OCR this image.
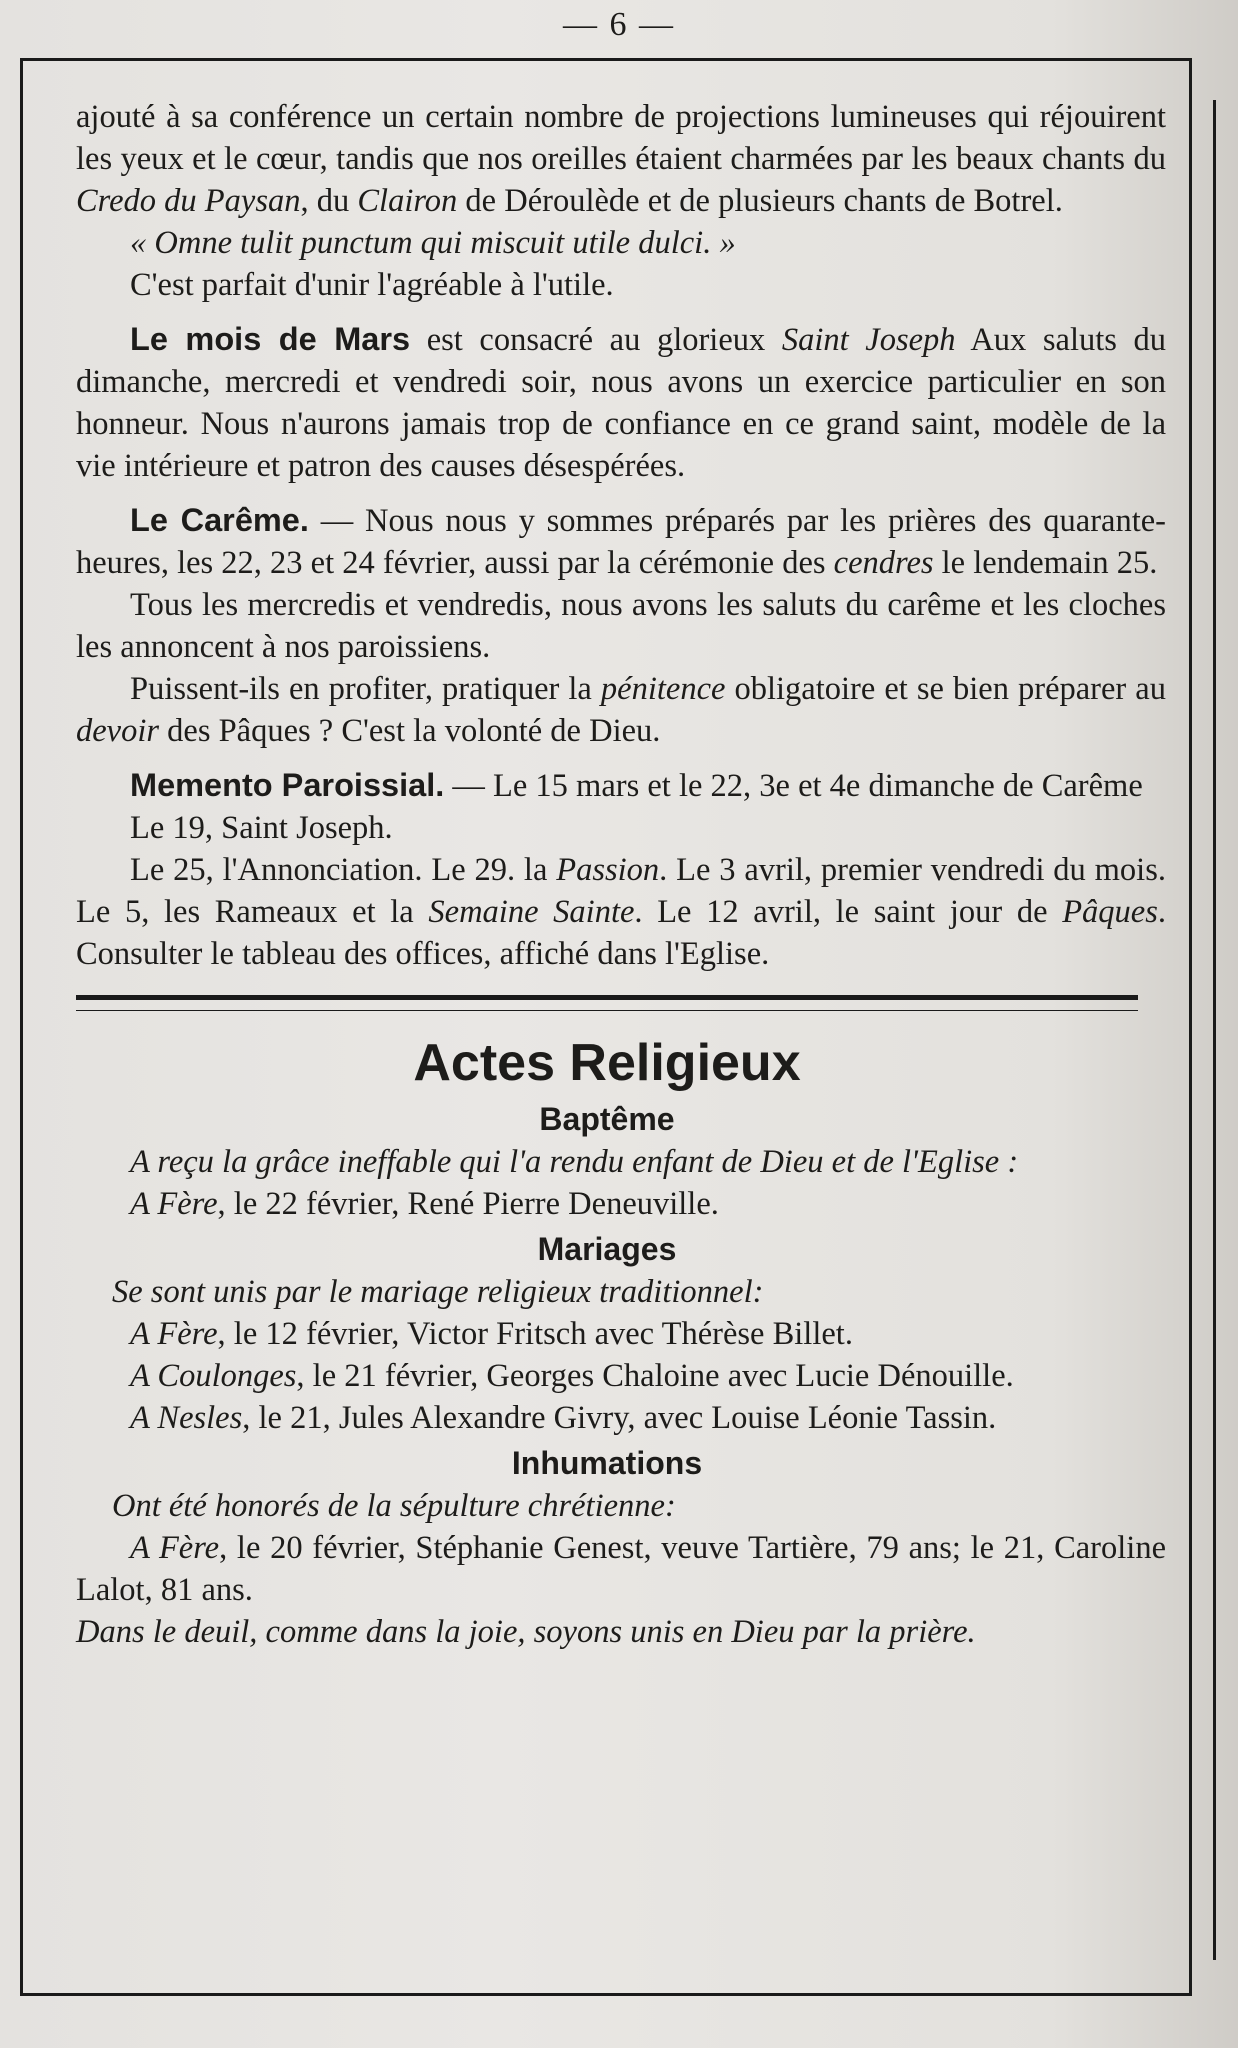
— 6 —

ajouté à sa conférence un certain nombre de projections lumineuses qui réjouirent les yeux et le cœur, tandis que nos oreilles étaient charmées par les beaux chants du Credo du Paysan, du Clairon de Déroulède et de plusieurs chants de Botrel.

« Omne tulit punctum qui miscuit utile dulci. »

C'est parfait d'unir l'agréable à l'utile.

Le mois de Mars est consacré au glorieux Saint Joseph Aux saluts du dimanche, mercredi et vendredi soir, nous avons un exercice particulier en son honneur. Nous n'aurons jamais trop de confiance en ce grand saint, modèle de la vie intérieure et patron des causes désespérées.

Le Carême. — Nous nous y sommes préparés par les prières des quarante-heures, les 22, 23 et 24 février, aussi par la cérémonie des cendres le lendemain 25.

Tous les mercredis et vendredis, nous avons les saluts du carême et les cloches les annoncent à nos paroissiens.

Puissent-ils en profiter, pratiquer la pénitence obligatoire et se bien préparer au devoir des Pâques ? C'est la volonté de Dieu.

Memento Paroissial. — Le 15 mars et le 22, 3e et 4e dimanche de Carême

Le 19, Saint Joseph.

Le 25, l'Annonciation. Le 29. la Passion. Le 3 avril, premier vendredi du mois. Le 5, les Rameaux et la Semaine Sainte. Le 12 avril, le saint jour de Pâques. Consulter le tableau des offices, affiché dans l'Eglise.

Actes Religieux
Baptême

A reçu la grâce ineffable qui l'a rendu enfant de Dieu et de l'Eglise :

A Fère, le 22 février, René Pierre Deneuville.

Mariages

Se sont unis par le mariage religieux traditionnel:

A Fère, le 12 février, Victor Fritsch avec Thérèse Billet.

A Coulonges, le 21 février, Georges Chaloine avec Lucie Dénouille.

A Nesles, le 21, Jules Alexandre Givry, avec Louise Léonie Tassin.

Inhumations

Ont été honorés de la sépulture chrétienne:

A Fère, le 20 février, Stéphanie Genest, veuve Tartière, 79 ans; le 21, Caroline Lalot, 81 ans.

Dans le deuil, comme dans la joie, soyons unis en Dieu par la prière.
